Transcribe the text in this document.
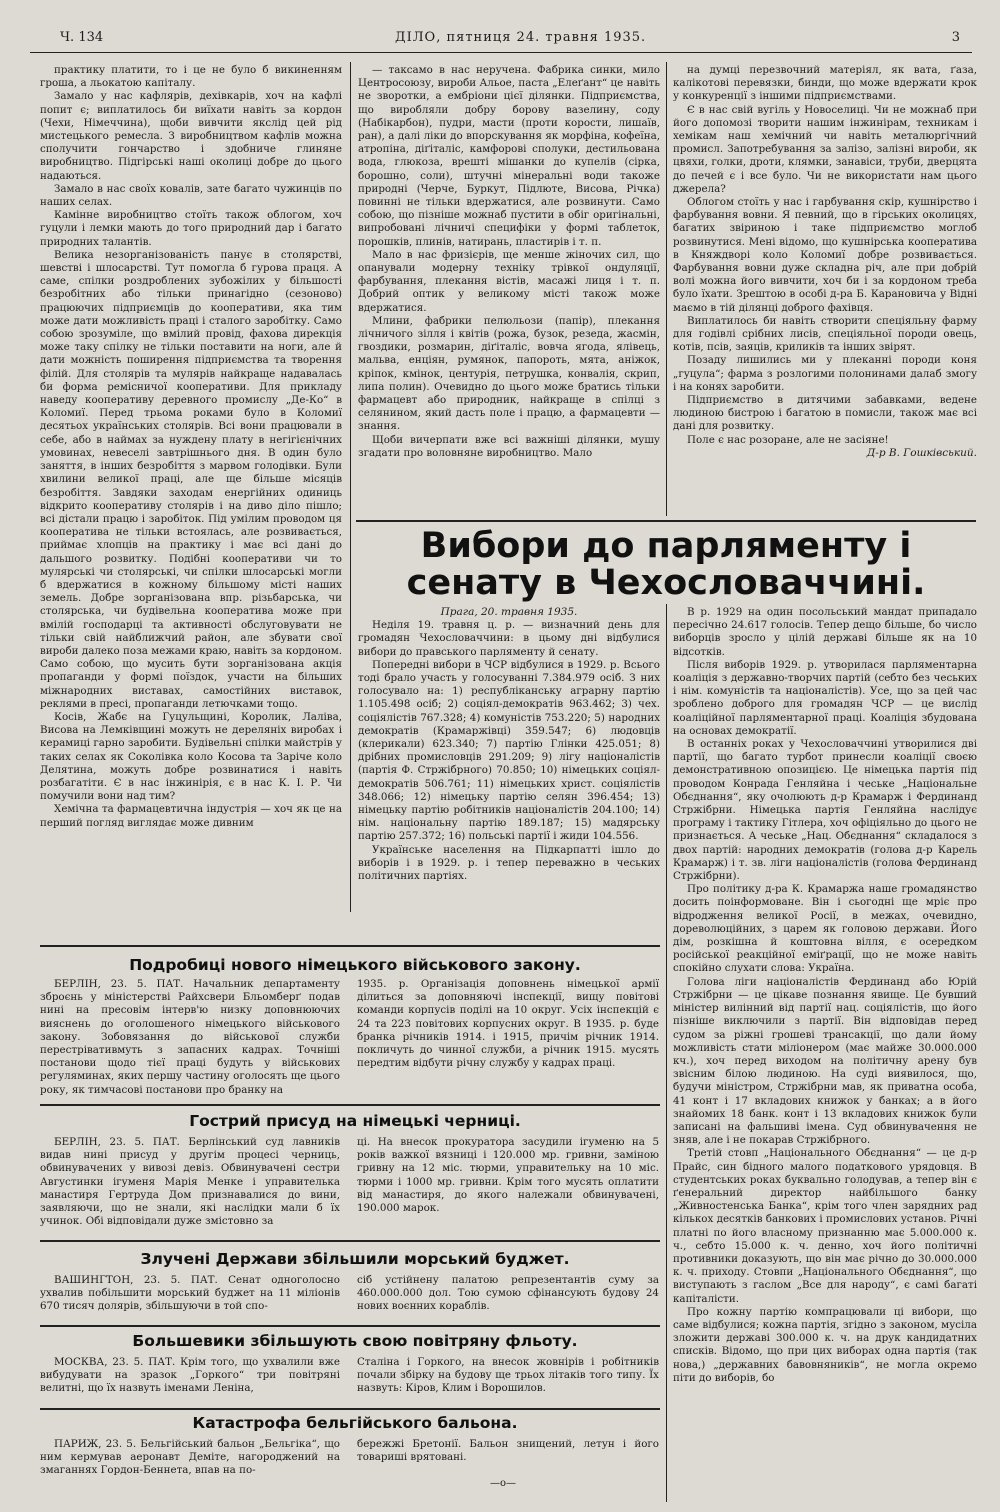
Ч. 134	ДІЛО, пятниця 24. травня 1935.	3

практику платити, то і це не було б викиненням гроша, а льокатою капіталу.

Замало у нас кафлярів, дехівкарів, хоч на кафлі попит є; виплатилось би виїхати навіть за кордон (Чехи, Німеччина), щоби вивчити якслід цей рід мистецького ремесла. З виробництвом кафлів можна сполучити гончарство і здобниче глиняне виробництво. Підгірські наші околиці добре до цього надаються.

Замало в нас своїх ковалів, зате багато чужинців по наших селах.

Камінне виробництво стоїть також облогом, хоч гуцули і лемки мають до того природний дар і багато природних талантів.

Велика незорганізованість панує в столярстві, шевстві і шлосарстві. Тут помогла б гурова праця. А саме, спілки роздроблених зубожілих у більшості безробітних або тільки принагідно (сезоново) працюючих підприємців до кооперативи, яка тим може дати можливість праці і сталого заробітку. Само собою зрозуміле, що вмілий провід, фахова дирекція може таку спілку не тільки поставити на ноги, але й дати можність поширення підприємства та творення філій. Для столярів та мулярів найкраще надавалась би форма ремісничої кооперативи. Для прикладу наведу кооперативу деревного промислу „Де-Ко“ в Коломиї. Перед трьома роками було в Коломиї десятьох українських столярів. Всі вони працювали в себе, або в наймах за нуждену плату в негігієнічних умовинах, невеселі завтрішнього дня. В один було заняття, в інших безробіття з марвом голодівки. Були хвилини великої праці, але ще більше місяців безробіття. Завдяки заходам енергійних одиниць відкрито кооперативу столярів і на диво діло пішло; всі дістали працю і заробіток. Під умілим проводом ця кооператива не тільки встоялась, але розвивається, приймає хлопців на практику і має всі дані до дальшого розвитку. Подібні кооперативи чи то мулярські чи столярські, чи спілки шлосарські могли б вдержатися в кожному більшому місті наших земель. Добре зорганізована впр. різьбарська, чи столярська, чи будівельна кооператива може при вмілій господарці та активності обслуговувати не тільки свій найближчий район, але збувати свої вироби далеко поза межами краю, навіть за кордоном. Само собою, що мусить бути зорганізована акція пропаганди у формі поїздок, участи на більших міжнародних виставах, самостійних виставок, реклями в пресі, пропаганди летючками тощо.

Косів, Жабє на Гуцульщині, Королик, Лаліва, Висова на Лемківщині можуть не дереляніх виробах і керамиці гарно заробити. Будівельні спілки майстрів у таких селах як Соколівка коло Косова та Заріче коло Делятина, можуть добре розвинатися і навіть розбагатіти. Є в нас інжинірія, є в нас К. І. Р. Чи помучили вони над тим?

Хемічна та фармацевтична індустрія — хоч як це на перший погляд виглядає може дивним

— таксамо в нас неручена. Фабрика синки, мило Центросоюзу, вироби Альое, паста „Елеґант“ це навіть не зворотки, а ембріони цієї ділянки. Підприємства, що виробляли добру борову вазелину, соду (Набікарбон), пудри, масти (проти корости, лишаїв, ран), а далі ліки до впорскування як морфіна, кофеїна, атропіна, діґіталіс, камфорові сполуки, дестильована вода, глюкоза, врешті мішанки до купелів (сірка, борошно, соли), штучні мінеральні води такоже природні (Черче, Буркут, Підлюте, Висова, Річка) повинні не тільки вдержатися, але розвинути. Само собою, що пізніше можнаб пустити в обіг оригінальні, випробовані лічничі специфіки у формі таблеток, порошків, плинів, натирань, пластирів і т. п.

Мало в нас фризієрів, ще менше жіночих сил, що опанували модерну техніку трівкої ондуляції, фарбування, плекання вістів, масажі лиця і т. п. Добрий оптик у великому місті також може вдержатися.

Млини, фабрики пелюльози (папір), плекання лічничого зілля і квітів (рожа, бузок, резеда, жасмін, гвоздики, розмарин, діґіталіс, вовча ягода, ялівець, мальва, енціян, румянок, папороть, мята, аніжок, кріпок, кмінок, центурія, петрушка, конвалія, скрип, липа полин). Очевидно до цього може братись тільки фармацевт або природник, найкраще в спілці з селянином, який дасть поле і працю, а фармацевти — знання.

Щоби вичерпати вже всі важніші ділянки, мушу згадати про воловняне виробництво. Мало

на думці перезвочний матеріял, як вата, ґаза, калікотові перевязки, бинди, що може вдержати крок у конкуренції з іншими підприємствами.

Є в нас свій вугіль у Новоселиці. Чи не можнаб при його допомозі творити нашим інжинірам, техникам і хемікам наш хемічний чи навіть металюргічний промисл. Запотребування за залізо, залізні вироби, як цвяхи, голки, дроти, клямки, занавіси, труби, дверцята до печей є і все було. Чи не використати нам цього джерела?

Облогом стоїть у нас і гарбування скір, кушнірство і фарбування вовни. Я певний, що в гірських околицях, багатих звіриною і таке підприємство моглоб розвинутися. Мені відомо, що кушнірська кооператива в Княждворі коло Коломиї добре розвивається. Фарбування вовни дуже складна річ, але при добрій волі можна його вивчити, хоч би і за кордоном треба було їхати. Зрештою в особі д-ра Б. Карановича у Відні маємо в тій ділянці доброго фахівця.

Виплатилось би навіть створити спеціяльну фарму для годівлі срібних лисів, спеціяльної породи овець, котів, псів, заяців, криликів та інших звірят.

Позаду лишились ми у плеканні породи коня „гуцула“; фарма з розлогими полонинами далаб змогу і на конях заробити.

Підприємство в дитячими забавками, ведене людиною бистрою і багатою в помисли, також має всі дані для розвитку.

Поле є нас розоране, але не засіяне!

Д-р В. Гошківський.
Вибори до парляменту і сенату в Чехословаччині.
Прага, 20. травня 1935.

Неділя 19. травня ц. р. — визначний день для громадян Чехословаччини: в цьому дні відбулися вибори до правського парляменту й сенату.

Попередні вибори в ЧСР відбулися в 1929. р. Всього тоді брало участь у голосуванні 7.384.979 осіб. З них голосувало на: 1) республіканську аграрну партію 1.105.498 осіб; 2) соціял-демократів 963.462; 3) чех. соціялістів 767.328; 4) комуністів 753.220; 5) народних демократів (Крамаржівці) 359.547; 6) людовців (клерикали) 623.340; 7) партію Глінки 425.051; 8) дрібних промисловців 291.209; 9) лігу націоналістів (партія Ф. Стржібрного) 70.850; 10) німецьких соціял-демократів 506.761; 11) німецьких христ. соціялістів 348.066; 12) німецьку партію селян 396.454; 13) німецьку партію робітників націоналістів 204.100; 14) нім. національну партію 189.187; 15) мадярську партію 257.372; 16) польські партії і жиди 104.556.

Українське населення на Підкарпатті ішло до виборів і в 1929. р. і тепер переважно в чеських політичних партіях.

В р. 1929 на один посольський мандат припадало пересічно 24.617 голосів. Тепер дещо більше, бо число виборців зросло у цілій державі більше як на 10 відсотків.

Після виборів 1929. р. утворилася парляментарна коаліція з державно-творчих партій (себто без чеських і нім. комуністів та націоналістів). Усе, що за цей час зроблено доброго для громадян ЧСР — це вислід коаліційної парляментарної праці. Коаліція збудована на основах демократії.

В останніх роках у Чехословаччині утворилися дві партії, що багато турбот принесли коаліції своєю демонстративною опозицією. Це німецька партія під проводом Конрада Генляйна і чеське „Національне Обєднання“, яку очолюють д-р Крамарж і Фердинанд Стржібрни. Німецька партія Генляйна наслідує програму і тактику Гітлера, хоч офіціяльно до цього не признається. А чеське „Нац. Обєднання“ складалося з двох партій: народних демократів (голова д-р Карель Крамарж) і т. зв. ліги націоналістів (голова Фердинанд Стржібрни).

Про політику д-ра К. Крамаржа наше громадянство досить поінформоване. Він і сьогодні ще мріє про відродження великої Росії, в межах, очевидно, дореволюційних, з царем як головою держави. Його дім, розкішна й коштовна вілля, є осередком російської реакційної еміґрації, що не може навіть спокійно слухати слова: Україна.

Голова ліги націоналістів Фердинанд або Юрій Стржібрни — це цікаве познання явище. Це бувший міністер вилінний від партії нац. соціялістів, що його пізніше виключили з партії. Він відповідав перед судом за ріжні грошеві трансакції, що дали йому можливість стати міліонером (має майже 30.000.000 кч.), хоч перед виходом на політичну арену був звісним білою людиною. На суді виявилося, що, будучи міністром, Стржібрни мав, як приватна особа, 41 конт і 17 вкладових книжок у банках; а в його знайомих 18 банк. конт і 13 вкладових книжок були записані на фальшиві імена. Суд обвинувачення не зняв, але і не покарав Стржібрного.

Третій стовп „Національного Обєднання“ — це д-р Прайс, син бідного малого податкового урядовця. В студентських роках буквально голодував, а тепер він є ґенеральний директор найбільшого банку „Живностенська Банка“, крім того член зарядних рад кількох десятків банкових і промислових установ. Річні платні по його власному признанню має 5.000.000 к. ч., себто 15.000 к. ч. денно, хоч його політичні противники доказують, що він має річно до 30.000.000 к. ч. приходу. Стовпи „Національного Обєднання“, що виступають з гаслом „Все для народу“, є самі багаті капіталісти.

Про кожну партію компрацювали ці вибори, що саме відбулися; кожна партія, згідно з законом, мусіла зложити державі 300.000 к. ч. на друк кандидатних списків. Відомо, що при цих виборах одна партія (так нова,) „державних бавовняників“, не могла окремо піти до виборів, бо

Подробиці нового німецького військового закону.

БЕРЛІН, 23. 5. ПАТ. Начальник департаменту зброєнь у міністерстві Райхсвери Бльомберґ подав нині на пресовім інтерв'ю низку доповнюючих вияснень до оголошеного німецького військового закону. Зобовязання до військової служби перестрівативмуть з запасних кадрах. Точніші постанови щодо тієї праці будуть у військових регуляминах, яких першу частину оголосять ще цього року, як тимчасові постанови про бранку на

1935. р. Організація доповнень німецької армії ділиться за доповняючі інспекції, вищу повітові команди корпусів поділі на 10 округ. Усіх інспекцій є 24 та 223 повітових корпусних округ. В 1935. р. буде бранка річників 1914. і 1915, причім річник 1914. покличуть до чинної служби, а річник 1915. мусять передтим відбути річну службу у кадрах праці.

Гострий присуд на німецькі черниці.

БЕРЛІН, 23. 5. ПАТ. Берлінський суд лавників видав нині присуд у другім процесі черниць, обвинувачених у вивозі девіз. Обвинувачені сестри Августинки ігуменя Марія Менке і управителька манастиря Гертруда Дом признавалися до вини, заявляючи, що не знали, які наслідки мали б їх учинок. Обі відповідали дуже змістовно за

ці. На внесок прокуратора засудили ігуменю на 5 років важкої вязниці і 120.000 мр. гривни, заміною гривну на 12 міс. тюрми, управительку на 10 міс. тюрми і 1000 мр. гривни. Крім того мусять оплатити від манастиря, до якого належали обвинувачені, 190.000 марок.

Злучені Держави збільшили морський буджет.

ВАШИНГТОН, 23. 5. ПАТ. Сенат одноголосно ухвалив побільшити морський буджет на 11 міліонів 670 тисяч долярів, збільшуючи в той спо-

сіб устійнену палатою репрезентантів суму за 460.000.000 дол. Тою сумою сфінансують будову 24 нових воєнних кораблів.

Большевики збільшують свою повітряну фльоту.

МОСКВА, 23. 5. ПАТ. Крім того, що ухвалили вже вибудувати на зразок „Горкого“ три повітряні велитні, що їх назвуть іменами Леніна,

Сталіна і Горкого, на внесок жовнірів і робітників почали збірку на будову ще трьох літаків того типу. Їх назвуть: Кіров, Клим і Ворошилов.

Катастрофа бельгійського бальона.

ПАРИЖ, 23. 5. Бельгійський бальон „Бельгіка“, що ним кермував аеронавт Деміте, нагороджений на змаганнях Гордон-Беннета, впав на по-

бережжі Бретонії. Бальон знищений, летун і його товариші врятовані.

—о—
